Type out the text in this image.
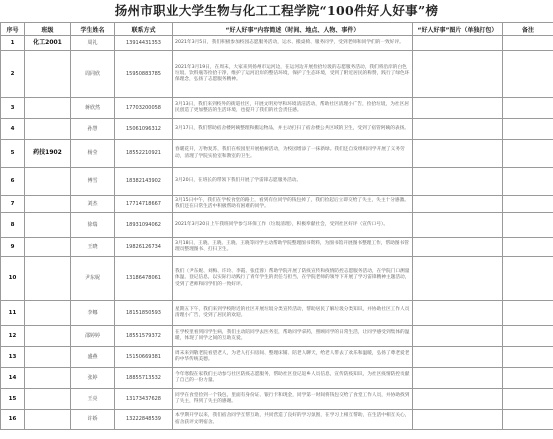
扬州市职业大学生物与化工工程学院“100件好人好事”榜
序号	班级	学生姓名	联系方式	“好人好事”内容简述（时间、地点、人物、事件）	“好人好事”图片（单独打包）	备注
1	化工2001	周礼	13914431353	2021年3月5日，我们积极参加校园志愿服务活动，运水、搬桌椅、服务同学，受到老师和同学们的一致好评。		
2		周同欣	15950883785	2021年3月19日，在周末，大家来到扬州市运河边，在运河边开展捡拾垃圾的志愿服务活动，我们将沿岸的白色垃圾、饮料瓶等捡拾干净，维护了运河沿岸的整洁环境，保护了生态环境，受到了附近居民的称赞，践行了绿色环保理念，弘扬了志愿服务精神。		
3		蒋欣然	17703200058	3月13日，我们来到校外的街道社区，开展文明劝导和环境清洁活动，帮助社区清理小广告，捡拾垃圾，为社区居民创造了更加整洁的生活环境，也提升了我们的社会责任感。		
4		孙慧	15061096312	3月17日，我们帮助宿舍楼阿姨整理和搬运物品，并主动打扫了宿舍楼公共区域的卫生，受到了宿管阿姨的表扬。		
5	药技1902	杨莹	18552210921	春暖花开，万物复苏，我们在校园里开展植树活动，为校园增添了一抹新绿。我们还自发组织同学开展了义务劳动，清理了学院实验室和教室的卫生。		
6		傅雪	18382143902	3月20日，在班长的带领下我们开展了学雷锋志愿服务活动。		
7		刘杰	17714718667	3月15日中午，我们在学校食堂的路上，看到有位同学的钱包掉了，我们捡起后立即交给了失主，失主十分感激。我们还在日常生活中积极帮助有困难的同学。		
8		徐瑞	18931094062	2021年3月20日上午我班同学参与环保工作（垃圾清理），积极奉献社会，受到社区好评（宣传口号）。		
9		王晓	19826126734	3月18日，王晓、王晓、王晓、王晓等同学主动帮助学院整理图书资料，为图书馆开展图书整理工作，帮助图书管理员整理图书、打扫卫生。		
10		尹东妮	13186478061	我们（尹东妮、刘梅、许玲、李霞、张佳蓉）帮助学院开展了防疫宣传和疫情防控志愿服务活动，在学院门口测量体温、登记信息，以实际行动践行了青年学生的责任与担当，在学院老师的领导下开展了学习雷锋精神主题活动，受到了老师和同学们的一致好评。		
11		李娜	18151850593	星期五下午，我们来到学校附近的社区开展垃圾分类宣传活动，帮助居民了解垃圾分类知识，并协助社区工作人员清理小广告，受到了居民的欢迎。		
12		邵婷婷	18551579372	在学校里看到同学生病，我们主动陪同学去医务室，帮助同学拿药，照顾同学的日常生活，让同学感受到集体的温暖，体现了同学之间的互助友爱。		
13		盛燕	15150669381	周末来到敬老院看望老人，为老人打扫房间、整理床铺、陪老人聊天，给老人带去了欢乐和温暖，弘扬了尊老爱老的中华传统美德。		
14		张婷	18855713532	今年寒假在家我们主动参与社区防疫志愿服务，帮助社区登记返乡人员信息，宣传防疫知识，为社区疫情防控贡献了自己的一份力量。		
15		王亮	13173437628	同学在食堂捡到一个钱包，里面有身份证、银行卡和现金，同学第一时间将钱包交给了食堂工作人员，并协助找到了失主，得到了失主的感谢。		
16		许娇	13222848539	本学期开学以来，我们宿舍同学互帮互助，共同营造了良好的学习氛围，在学习上相互帮助，在生活中相互关心，宿舍获评文明宿舍。		
